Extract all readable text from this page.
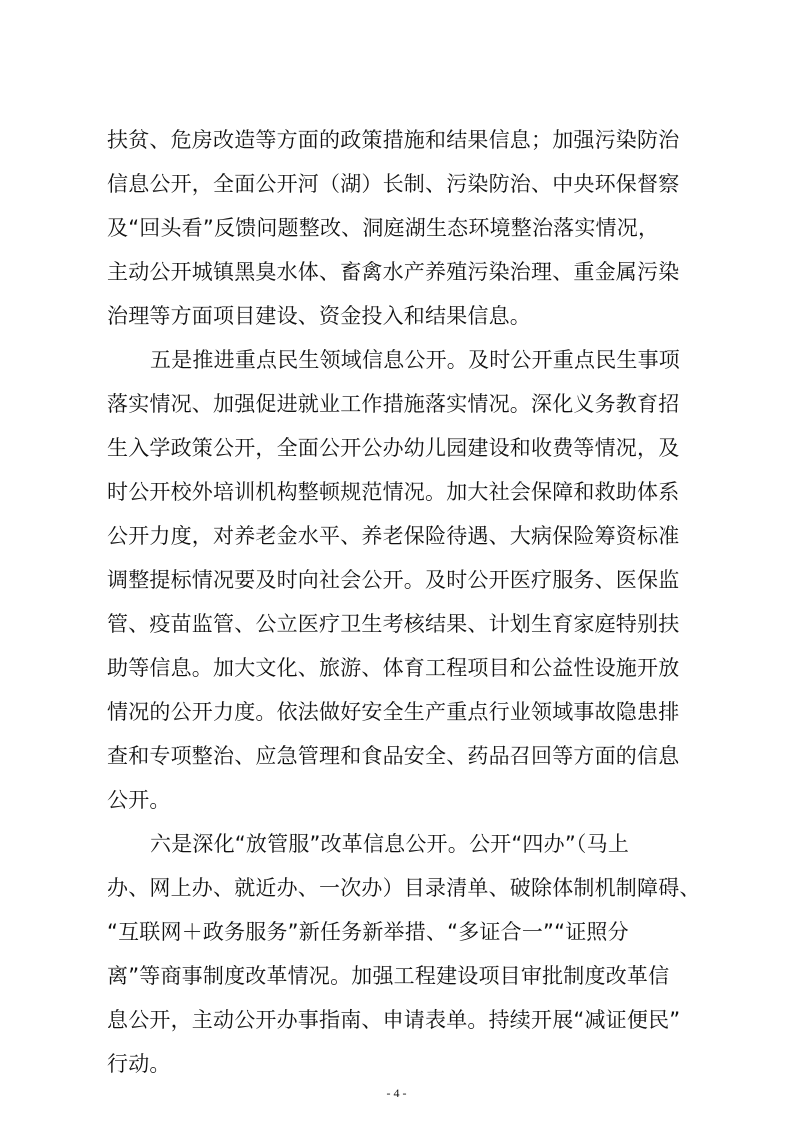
扶贫、危房改造等方面的政策措施和结果信息；加强污染防治
信息公开，全面公开河（湖）长制、污染防治、中央环保督察
及“回头看”反馈问题整改、洞庭湖生态环境整治落实情况，
主动公开城镇黑臭水体、畜禽水产养殖污染治理、重金属污染
治理等方面项目建设、资金投入和结果信息。
五是推进重点民生领域信息公开。及时公开重点民生事项
落实情况、加强促进就业工作措施落实情况。深化义务教育招
生入学政策公开，全面公开公办幼儿园建设和收费等情况，及
时公开校外培训机构整顿规范情况。加大社会保障和救助体系
公开力度，对养老金水平、养老保险待遇、大病保险筹资标准
调整提标情况要及时向社会公开。及时公开医疗服务、医保监
管、疫苗监管、公立医疗卫生考核结果、计划生育家庭特别扶
助等信息。加大文化、旅游、体育工程项目和公益性设施开放
情况的公开力度。依法做好安全生产重点行业领域事故隐患排
查和专项整治、应急管理和食品安全、药品召回等方面的信息
公开。
六是深化“放管服”改革信息公开。公开“四办”（马上
办、网上办、就近办、一次办）目录清单、破除体制机制障碍、
“互联网＋政务服务”新任务新举措、“多证合一”“证照分
离”等商事制度改革情况。加强工程建设项目审批制度改革信
息公开，主动公开办事指南、申请表单。持续开展“减证便民”
行动。
- 4 -
